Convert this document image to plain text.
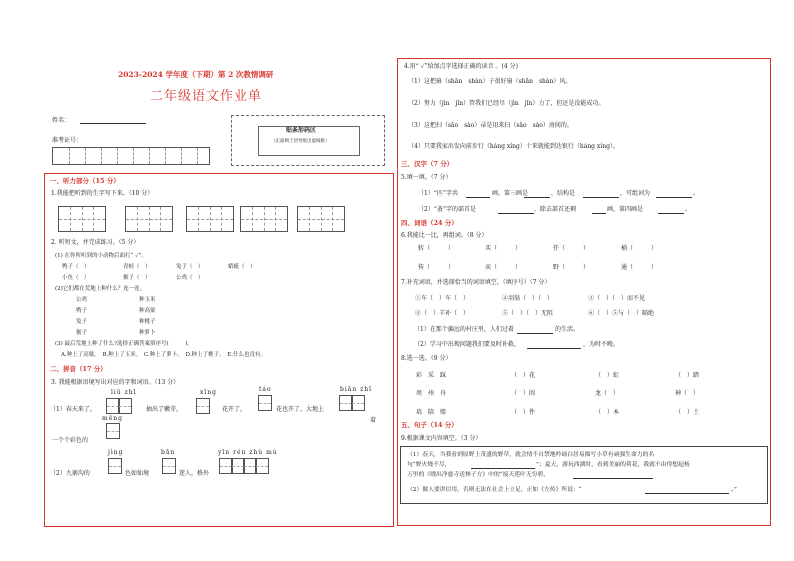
2023-2024 学年度（下期）第 2 次教情调研
二年级语文作业单
姓名：
准考证号：
贴条形码区
（正面朝上切勿贴出虚线框）
一、听力部分（15 分）
1.我能把听到的生字写下来。（10 分）
2. 听短文，并完成练习。（5 分）
(1) 在你所听到的小动物后面打“ ✓”。
鸭子（　）	青蛙（　）	兔子（　）	蜻蜓（　）
小鱼（　）	猴子（　）	公鸡（　）
(2)它们都在荒地上种什么？连一连。
公鸡
鸭子
兔子
猴子
种玉米
种高粱
种桃子
种萝卜
(3) 最后荒地上种了什么?选择正确答案填序号(　　　)。
A.种上了高粱。　B.种上了玉米。　C.种上了萝卜。　D.种上了桃子。　E.什么也没有。
二、拼音（17 分）
3. 我能根据语境写出对应的字和词语。（13 分）
liǔ zhī	xīng	táo	biān zhī
（1）春天来了，	抽出了嫩芽，	花开了，	花也开了。大地上
着
měng
一个个彩色的
jìng	bān	yīn rén zhù mù
（2）九寨沟的	色如仙境	迷人，格外
4.用“ ✓”给加点字选择正确的读音 。(4 分)
（1）这把扇（shān　shàn）子很好扇（shān　shàn）风。
（2）努力（jìn　jǐn）管我们已经尽（jìn　jǐn）力了，但还是没能成功。
（3）这把扫（sǎo　sào）帚是用来扫（sǎo　sào）房间的。
（4）只要我家出发向前步行（háng xíng）十来就能到达银行（háng xíng）。
三、汉字（7 分）
5.填一填。（7 分）
（1）“匹”字共	画，第三画是	，结构是	，可组词为	。
（2）“蚤”字的部首是	，除去部首还剩	画，第四画是	。
四、词语（24 分）
6.我能比一比，再组词。（8 分）
转（　　　）	买（　　　）	仟（　　　）	桶（　　　）
传（　　　）	卖（　　　）	野（　　　）	通（　　　）
7.补充词语，并选择恰当的词语填空。（填序号）（7 分）
①车（　）车（　）	②羽翁（　）（　）	③（　）（　）而不见
④（　）羊补（　）	⑤（　）（　）无阻	⑥（　）⑤与（　）隔绝
（1）在那个偏远的村庄里，人们过着	的生活。
（2）学习中出现问题我们要及时补救，	，为时不晚。
8.选一选。（9 分）
彩　采　踩	（　）花	（　）虹	（　）踏
周　州　舟	（　）围	龙（　）	神（　）
培　陪　赔	（　）件	（　）本	（　）土
五、句子（14 分）
9.根据课文内容填空。（3 分）
（1）春天，当我看到原野上茂盛的野草，就会情不自禁地吟诵白居易描写小草有顽强生命力的名
句“野火烧不尽，	”；夏天，游玩西湖时，看到美丽的荷花，我就不由得想起杨
万里的《晓出净慈寺送林子方》中的“接天莲叶无穷碧，
（2）做人要讲信用，否则无法在社会上立足，正如《左传》所说：“	。”
